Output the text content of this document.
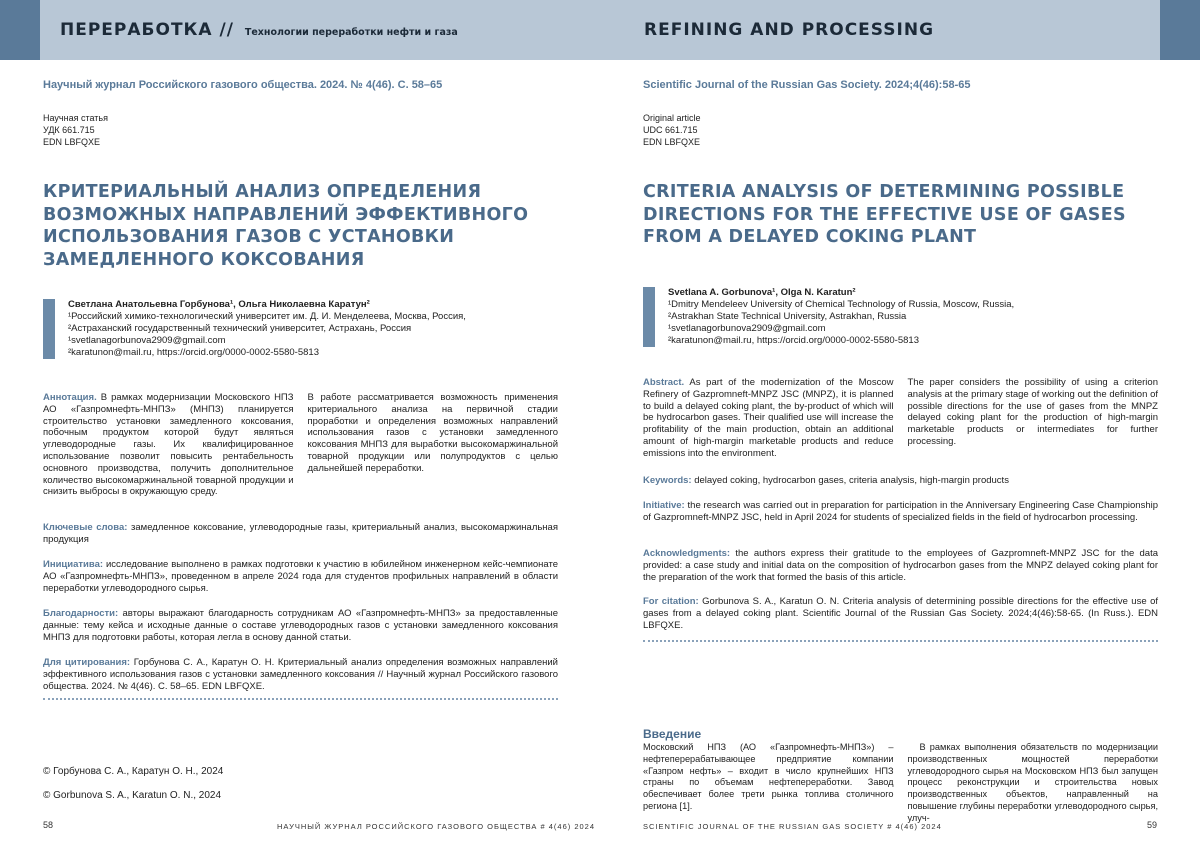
ПЕРЕРАБОТКА // Технологии переработки нефти и газа
Научный журнал Российского газового общества. 2024. № 4(46). С. 58–65
Научная статья
УДК 661.715
EDN LBFQXE
КРИТЕРИАЛЬНЫЙ АНАЛИЗ ОПРЕДЕЛЕНИЯ ВОЗМОЖНЫХ НАПРАВЛЕНИЙ ЭФФЕКТИВНОГО ИСПОЛЬЗОВАНИЯ ГАЗОВ С УСТАНОВКИ ЗАМЕДЛЕННОГО КОКСОВАНИЯ
Светлана Анатольевна Горбунова¹, Ольга Николаевна Каратун²
¹Российский химико-технологический университет им. Д. И. Менделеева, Москва, Россия,
²Астраханский государственный технический университет, Астрахань, Россия
¹svetlanagorbunova2909@gmail.com
²karatunon@mail.ru, https://orcid.org/0000-0002-5580-5813
Аннотация. В рамках модернизации Московского НПЗ АО «Газпромнефть-МНПЗ» (МНПЗ) планируется строительство установки замедленного коксования, побочным продуктом которой будут являться углеводородные газы. Их квалифицированное использование позволит повысить рентабельность основного производства, получить дополнительное количество высокомаржинальной товарной продукции и снизить выбросы в окружающую среду.
В работе рассматривается возможность применения критериального анализа на первичной стадии проработки и определения возможных направлений использования газов с установки замедленного коксования МНПЗ для выработки высокомаржинальной товарной продукции или полупродуктов с целью дальнейшей переработки.
Ключевые слова: замедленное коксование, углеводородные газы, критериальный анализ, высокомаржинальная продукция
Инициатива: исследование выполнено в рамках подготовки к участию в юбилейном инженерном кейс-чемпионате АО «Газпромнефть-МНПЗ», проведенном в апреле 2024 года для студентов профильных направлений в области переработки углеводородного сырья.
Благодарности: авторы выражают благодарность сотрудникам АО «Газпромнефть-МНПЗ» за предоставленные данные: тему кейса и исходные данные о составе углеводородных газов с установки замедленного коксования МНПЗ для подготовки работы, которая легла в основу данной статьи.
Для цитирования: Горбунова С. А., Каратун О. Н. Критериальный анализ определения возможных направлений эффективного использования газов с установки замедленного коксования // Научный журнал Российского газового общества. 2024. № 4(46). С. 58–65. EDN LBFQXE.
© Горбунова С. А., Каратун О. Н., 2024
© Gorbunova S. A., Karatun O. N., 2024
58	НАУЧНЫЙ ЖУРНАЛ РОССИЙСКОГО ГАЗОВОГО ОБЩЕСТВА # 4(46) 2024
REFINING AND PROCESSING
Scientific Journal of the Russian Gas Society. 2024;4(46):58-65
Original article
UDC 661.715
EDN LBFQXE
CRITERIA ANALYSIS OF DETERMINING POSSIBLE DIRECTIONS FOR THE EFFECTIVE USE OF GASES FROM A DELAYED COKING PLANT
Svetlana A. Gorbunova¹, Olga N. Karatun²
¹Dmitry Mendeleev University of Chemical Technology of Russia, Moscow, Russia,
²Astrakhan State Technical University, Astrakhan, Russia
¹svetlanagorbunova2909@gmail.com
²karatunon@mail.ru, https://orcid.org/0000-0002-5580-5813
Abstract. As part of the modernization of the Moscow Refinery of Gazpromneft-MNPZ JSC (MNPZ), it is planned to build a delayed coking plant, the by-product of which will be hydrocarbon gases. Their qualified use will increase the profitability of the main production, obtain an additional amount of high-margin marketable products and reduce emissions into the environment.
The paper considers the possibility of using a criterion analysis at the primary stage of working out the definition of possible directions for the use of gases from the MNPZ delayed coking plant for the production of high-margin marketable products or intermediates for further processing.
Keywords: delayed coking, hydrocarbon gases, criteria analysis, high-margin products
Initiative: the research was carried out in preparation for participation in the Anniversary Engineering Case Championship of Gazpromneft-MNPZ JSC, held in April 2024 for students of specialized fields in the field of hydrocarbon processing.
Acknowledgments: the authors express their gratitude to the employees of Gazpromneft-MNPZ JSC for the data provided: a case study and initial data on the composition of hydrocarbon gases from the MNPZ delayed coking plant for the preparation of the work that formed the basis of this article.
For citation: Gorbunova S. A., Karatun O. N. Criteria analysis of determining possible directions for the effective use of gases from a delayed coking plant. Scientific Journal of the Russian Gas Society. 2024;4(46):58-65. (In Russ.). EDN LBFQXE.
Введение
Московский НПЗ (АО «Газпромнефть-МНПЗ») – нефтеперерабатывающее предприятие компании «Газпром нефть» – входит в число крупнейших НПЗ страны по объемам нефтепереработки. Завод обеспечивает более трети рынка топлива столичного региона [1].
В рамках выполнения обязательств по модернизации производственных мощностей переработки углеводородного сырья на Московском НПЗ был запущен процесс реконструкции и строительства новых производственных объектов, направленный на повышение глубины переработки углеводородного сырья, улуч-
SCIENTIFIC JOURNAL OF THE RUSSIAN GAS SOCIETY # 4(46) 2024	59
